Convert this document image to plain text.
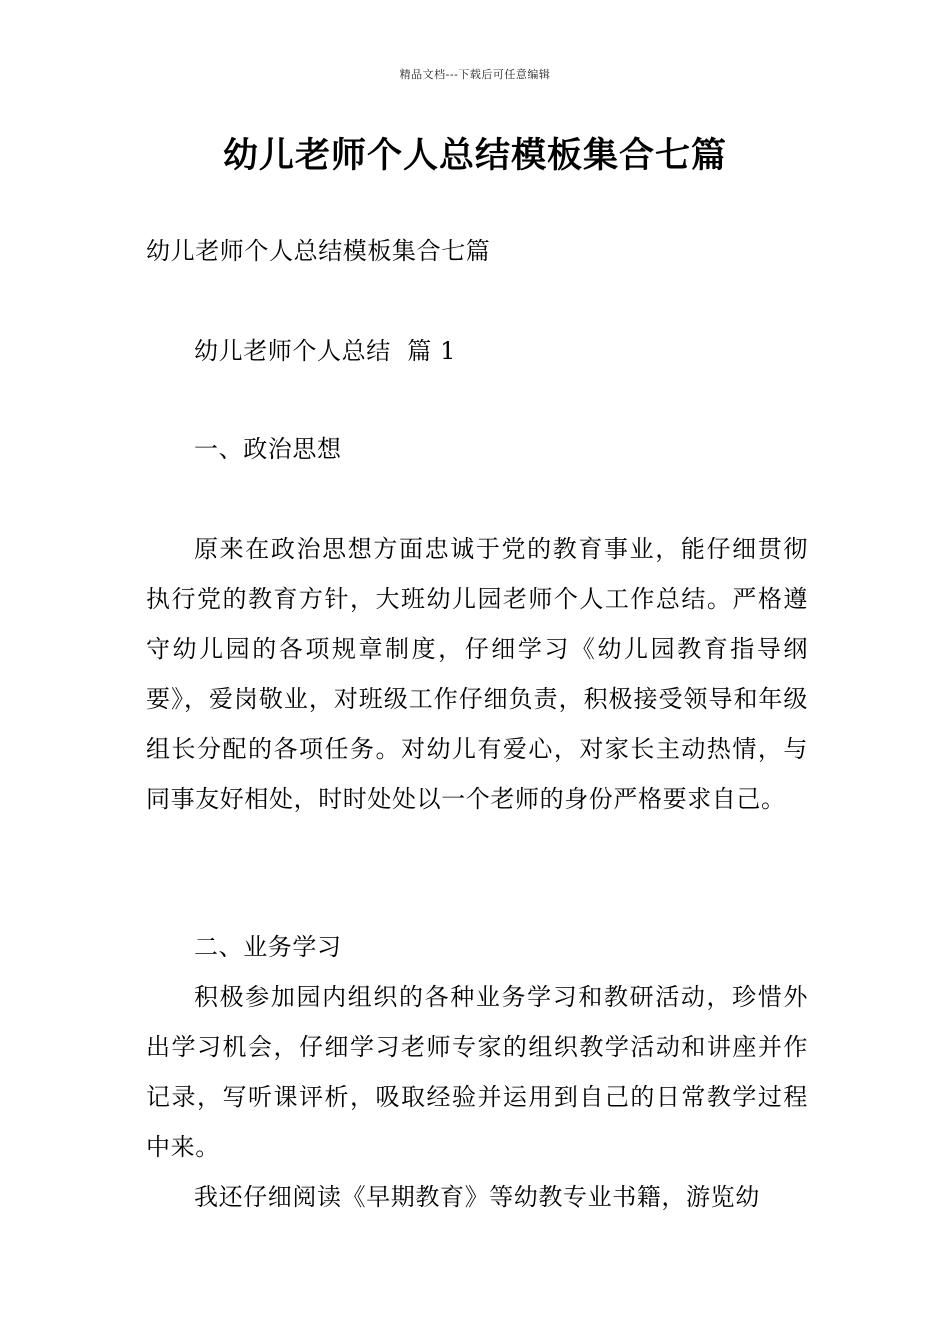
精品文档---下载后可任意编辑
幼儿老师个人总结模板集合七篇

幼儿老师个人总结模板集合七篇

幼儿老师个人总结  篇 1

一、政治思想

原来在政治思想方面忠诚于党的教育事业，能仔细贯彻执行党的教育方针，大班幼儿园老师个人工作总结。严格遵守幼儿园的各项规章制度，仔细学习《幼儿园教育指导纲要》，爱岗敬业，对班级工作仔细负责，积极接受领导和年级组长分配的各项任务。对幼儿有爱心，对家长主动热情，与同事友好相处，时时处处以一个老师的身份严格要求自己。

二、业务学习

积极参加园内组织的各种业务学习和教研活动，珍惜外出学习机会，仔细学习老师专家的组织教学活动和讲座并作记录，写听课评析，吸取经验并运用到自己的日常教学过程中来。

我还仔细阅读《早期教育》等幼教专业书籍，游览幼
